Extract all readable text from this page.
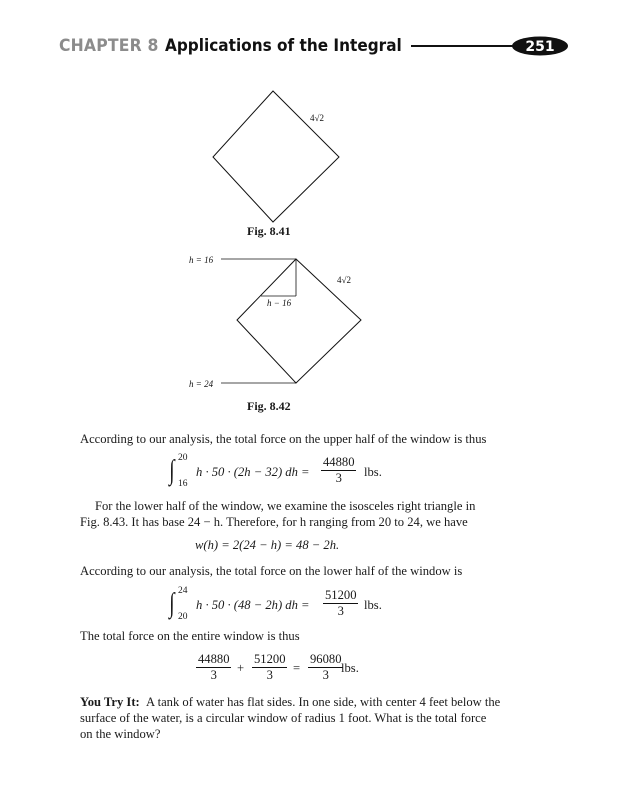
CHAPTER 8 Applications of the Integral	251
4√2
Fig. 8.41
h = 16
h = 24
h − 16
4√2
Fig. 8.42
According to our analysis, the total force on the upper half of the window is thus
∫ 20
16
h · 50 · (2h − 32) dh = $\frac{44880}{3}$ lbs.
For the lower half of the window, we examine the isosceles right triangle in
Fig. 8.43. It has base 24 − h. Therefore, for h ranging from 20 to 24, we have
w(h) = 2(24 − h) = 48 − 2h.
According to our analysis, the total force on the lower half of the window is
∫ 24
20
h · 50 · (48 − 2h) dh = $\frac{51200}{3}$ lbs.
The total force on the entire window is thus
$\frac{44880}{3} + \frac{51200}{3} = \frac{96080}{3}$
lbs.
You Try It: A tank of water has flat sides. In one side, with center 4 feet below the
surface of the water, is a circular window of radius 1 foot. What is the total force
on the window?
